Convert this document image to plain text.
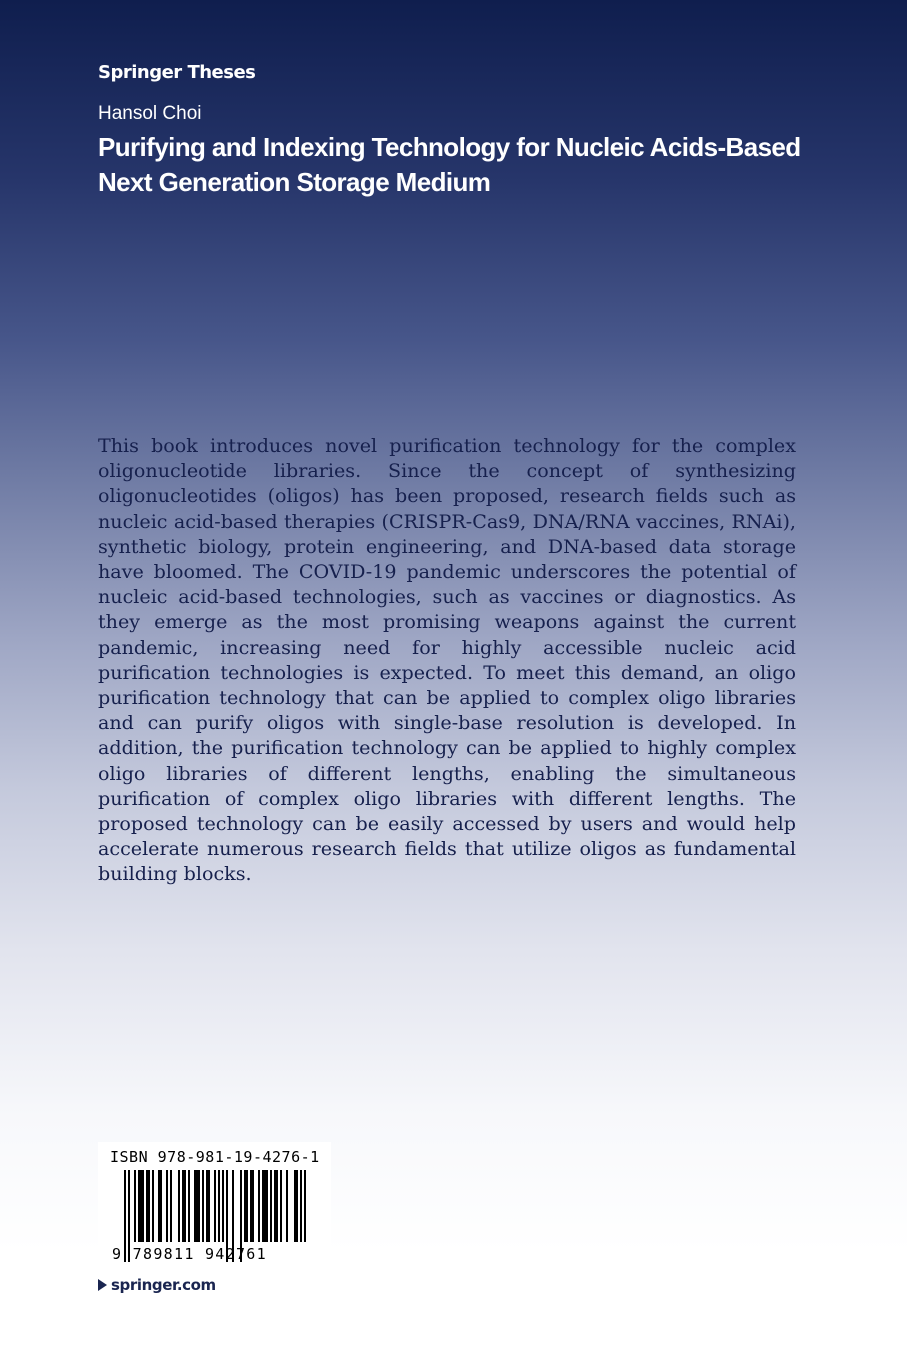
Springer Theses
Hansol Choi
Purifying and Indexing Technology for Nucleic Acids-Based Next Generation Storage Medium

This book introduces novel purification technology for the complex oligonucleotide libraries. Since the concept of synthesizing oligonucleotides (oligos) has been proposed, research fields such as nucleic acid-based therapies (CRISPR-Cas9, DNA/RNA vaccines, RNAi), synthetic biology, protein engineering, and DNA-based data storage have bloomed. The COVID-19 pandemic underscores the potential of nucleic acid-based technologies, such as vaccines or diagnostics. As they emerge as the most promising weapons against the current pandemic, increasing need for highly accessible nucleic acid purification technologies is expected. To meet this demand, an oligo purification technology that can be applied to complex oligo libraries and can purify oligos with single-base resolution is developed. In addition, the purification technology can be applied to highly complex oligo libraries of different lengths, enabling the simultaneous purification of complex oligo libraries with different lengths. The proposed technology can be easily accessed by users and would help accelerate numerous research fields that utilize oligos as fundamental building blocks.

ISBN 978-981-19-4276-1
9 789811 942761
springer.com
